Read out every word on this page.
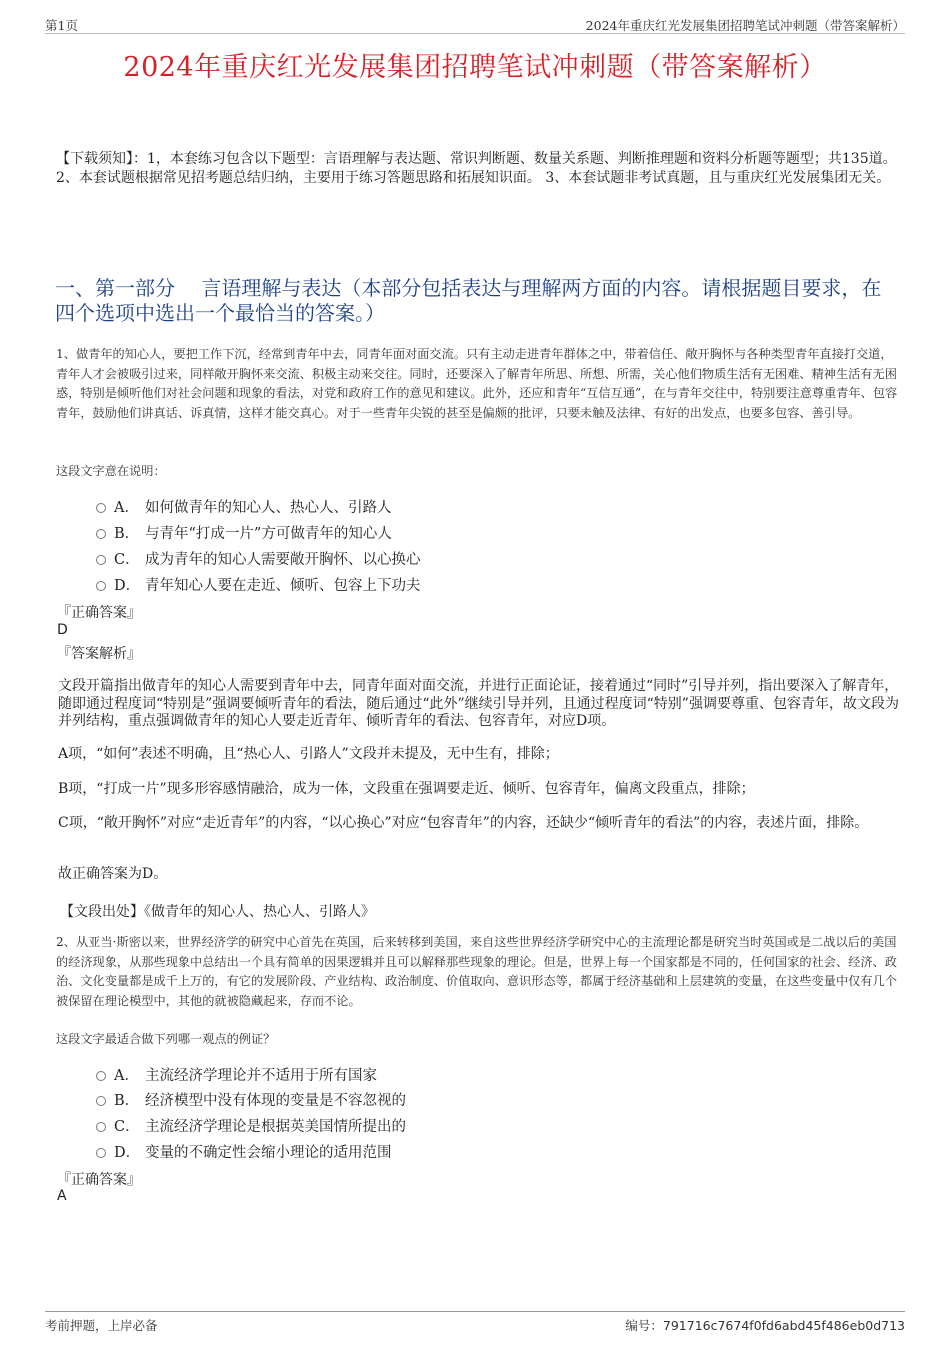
第1页	2024年重庆红光发展集团招聘笔试冲刺题（带答案解析）
2024年重庆红光发展集团招聘笔试冲刺题（带答案解析）
【下载须知】：1，本套练习包含以下题型：言语理解与表达题、常识判断题、数量关系题、判断推理题和资料分析题等题型；共135道。 2、本套试题根据常见招考题总结归纳，主要用于练习答题思路和拓展知识面。 3、本套试题非考试真题，且与重庆红光发展集团无关。
一、第一部分　 言语理解与表达（本部分包括表达与理解两方面的内容。请根据题目要求，在四个选项中选出一个最恰当的答案。）
1、做青年的知心人，要把工作下沉，经常到青年中去，同青年面对面交流。只有主动走进青年群体之中，带着信任、敞开胸怀与各种类型青年直接打交道，青年人才会被吸引过来，同样敞开胸怀来交流、积极主动来交往。同时，还要深入了解青年所思、所想、所需，关心他们物质生活有无困难、精神生活有无困惑，特别是倾听他们对社会问题和现象的看法，对党和政府工作的意见和建议。此外，还应和青年“互信互通”，在与青年交往中，特别要注意尊重青年、包容青年，鼓励他们讲真话、诉真情，这样才能交真心。对于一些青年尖锐的甚至是偏颇的批评，只要未触及法律、有好的出发点，也要多包容、善引导。
这段文字意在说明：
A． 如何做青年的知心人、热心人、引路人
B． 与青年“打成一片”方可做青年的知心人
C． 成为青年的知心人需要敞开胸怀、以心换心
D． 青年知心人要在走近、倾听、包容上下功夫
『正确答案』
D
『答案解析』
文段开篇指出做青年的知心人需要到青年中去，同青年面对面交流，并进行正面论证，接着通过“同时”引导并列，指出要深入了解青年，随即通过程度词“特别是”强调要倾听青年的看法，随后通过“此外”继续引导并列，且通过程度词“特别”强调要尊重、包容青年，故文段为并列结构，重点强调做青年的知心人要走近青年、倾听青年的看法、包容青年，对应D项。
A项，“如何”表述不明确，且“热心人、引路人”文段并未提及，无中生有，排除；
B项，“打成一片”现多形容感情融洽，成为一体，文段重在强调要走近、倾听、包容青年，偏离文段重点，排除；
C项，“敞开胸怀”对应“走近青年”的内容，“以心换心”对应“包容青年”的内容，还缺少“倾听青年的看法”的内容，表述片面，排除。
故正确答案为D。
【文段出处】《做青年的知心人、热心人、引路人》
2、从亚当·斯密以来，世界经济学的研究中心首先在英国，后来转移到美国，来自这些世界经济学研究中心的主流理论都是研究当时英国或是二战以后的美国的经济现象，从那些现象中总结出一个具有简单的因果逻辑并且可以解释那些现象的理论。但是，世界上每一个国家都是不同的，任何国家的社会、经济、政治、文化变量都是成千上万的，有它的发展阶段、产业结构、政治制度、价值取向、意识形态等，都属于经济基础和上层建筑的变量，在这些变量中仅有几个被保留在理论模型中，其他的就被隐藏起来，存而不论。
这段文字最适合做下列哪一观点的例证？
A． 主流经济学理论并不适用于所有国家
B． 经济模型中没有体现的变量是不容忽视的
C． 主流经济学理论是根据英美国情所提出的
D． 变量的不确定性会缩小理论的适用范围
『正确答案』
A
考前押题，上岸必备	编号：791716c7674f0fd6abd45f486eb0d713
